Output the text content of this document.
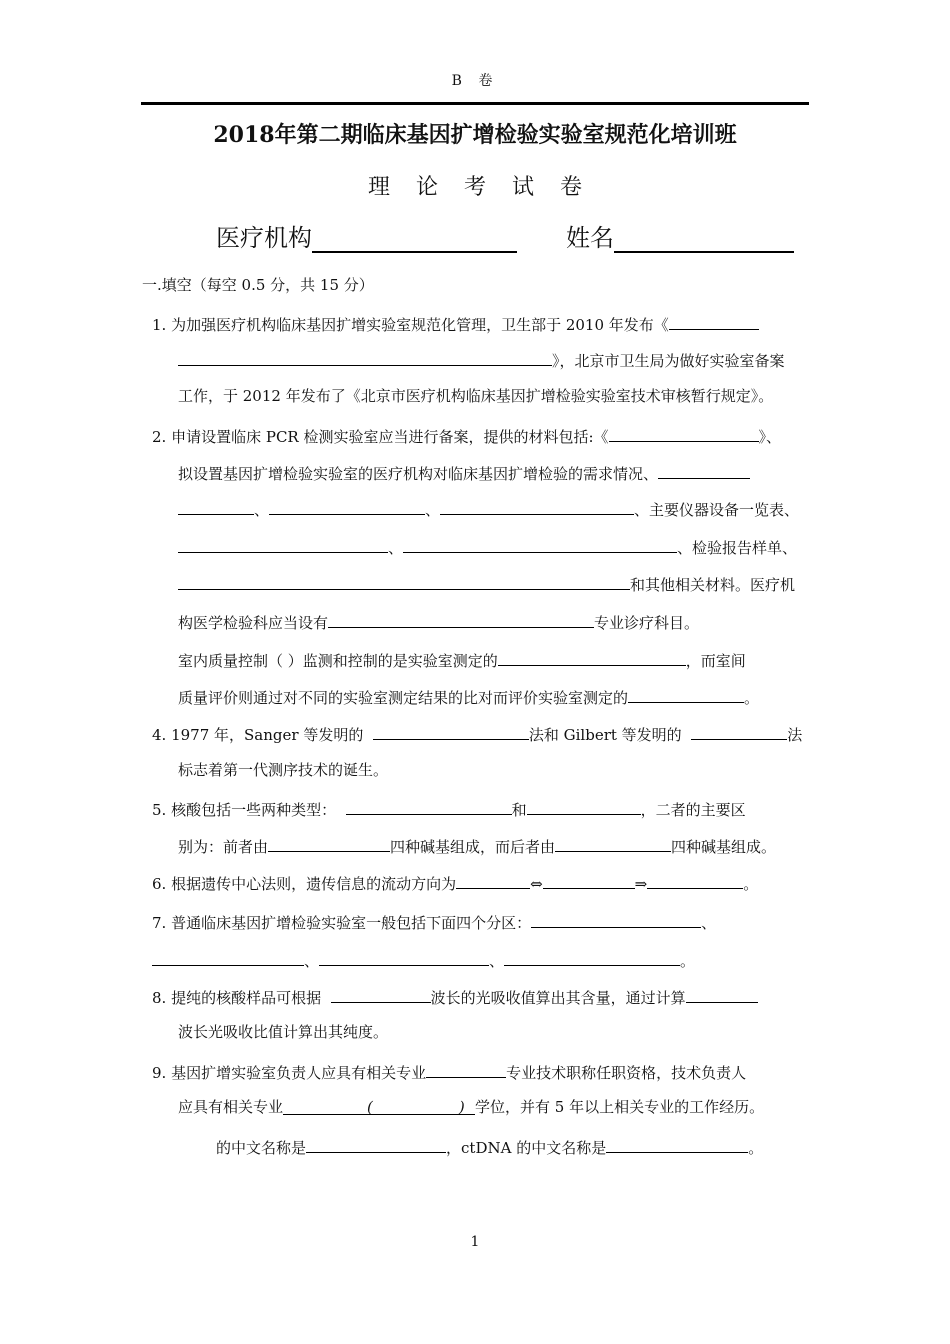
B 卷
2018年第二期临床基因扩增检验实验室规范化培训班
理论考试卷
医疗机构	姓名
一.填空（每空 0.5 分，共 15 分）
1. 为加强医疗机构临床基因扩增实验室规范化管理，卫生部于 2010 年发布《
》，北京市卫生局为做好实验室备案
工作，于 2012 年发布了《北京市医疗机构临床基因扩增检验实验室技术审核暂行规定》。
2. 申请设置临床 PCR 检测实验室应当进行备案，提供的材料包括:《	》、
拟设置基因扩增检验实验室的医疗机构对临床基因扩增检验的需求情况、
、	、	、主要仪器设备一览表、
、	、检验报告样单、
和其他相关材料。医疗机
构医学检验科应当设有	专业诊疗科目。
室内质量控制（ ）监测和控制的是实验室测定的	，而室间
质量评价则通过对不同的实验室测定结果的比对而评价实验室测定的	。
4. 1977 年，Sanger 等发明的	法和 Gilbert 等发明的	法
标志着第一代测序技术的诞生。
5. 核酸包括一些两种类型：	和	，二者的主要区
别为：前者由	四种碱基组成，而后者由	四种碱基组成。
6. 根据遗传中心法则，遗传信息的流动方向为	⇔	⇒	。
7. 普通临床基因扩增检验实验室一般包括下面四个分区：	、
、	、	。
8. 提纯的核酸样品可根据	波长的光吸收值算出其含量，通过计算
波长光吸收比值计算出其纯度。
9. 基因扩增实验室负责人应具有相关专业	专业技术职称任职资格，技术负责人
应具有相关专业	(	) 学位，并有 5 年以上相关专业的工作经历。
的中文名称是	，ctDNA 的中文名称是	。
1
